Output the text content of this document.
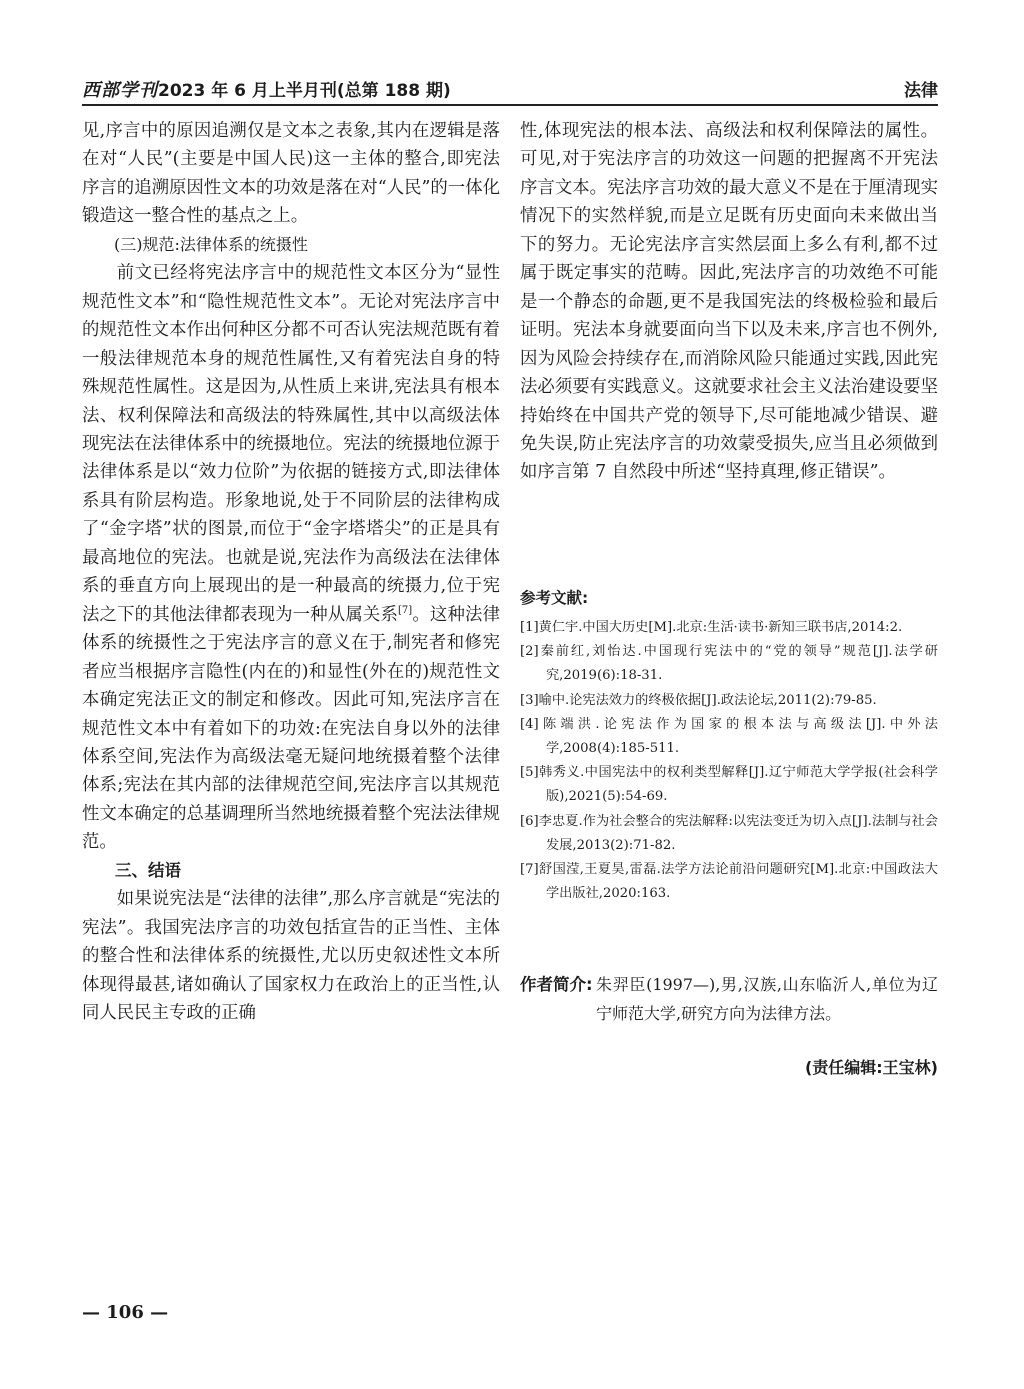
西部学刊 2023 年 6 月上半月刊(总第 188 期)	法律

见,序言中的原因追溯仅是文本之表象,其内在逻辑是落在对“人民”(主要是中国人民)这一主体的整合,即宪法序言的追溯原因性文本的功效是落在对“人民”的一体化锻造这一整合性的基点之上。

(三)规范:法律体系的统摄性

前文已经将宪法序言中的规范性文本区分为“显性规范性文本”和“隐性规范性文本”。无论对宪法序言中的规范性文本作出何种区分都不可否认宪法规范既有着一般法律规范本身的规范性属性,又有着宪法自身的特殊规范性属性。这是因为,从性质上来讲,宪法具有根本法、权利保障法和高级法的特殊属性,其中以高级法体现宪法在法律体系中的统摄地位。宪法的统摄地位源于法律体系是以“效力位阶”为依据的链接方式,即法律体系具有阶层构造。形象地说,处于不同阶层的法律构成了“金字塔”状的图景,而位于“金字塔塔尖”的正是具有最高地位的宪法。也就是说,宪法作为高级法在法律体系的垂直方向上展现出的是一种最高的统摄力,位于宪法之下的其他法律都表现为一种从属关系[7]。这种法律体系的统摄性之于宪法序言的意义在于,制宪者和修宪者应当根据序言隐性(内在的)和显性(外在的)规范性文本确定宪法正文的制定和修改。因此可知,宪法序言在规范性文本中有着如下的功效:在宪法自身以外的法律体系空间,宪法作为高级法毫无疑问地统摄着整个法律体系;宪法在其内部的法律规范空间,宪法序言以其规范性文本确定的总基调理所当然地统摄着整个宪法法律规范。

三、结语

如果说宪法是“法律的法律”,那么序言就是“宪法的宪法”。我国宪法序言的功效包括宣告的正当性、主体的整合性和法律体系的统摄性,尤以历史叙述性文本所体现得最甚,诸如确认了国家权力在政治上的正当性,认同人民民主专政的正确

性,体现宪法的根本法、高级法和权利保障法的属性。可见,对于宪法序言的功效这一问题的把握离不开宪法序言文本。宪法序言功效的最大意义不是在于厘清现实情况下的实然样貌,而是立足既有历史面向未来做出当下的努力。无论宪法序言实然层面上多么有利,都不过属于既定事实的范畴。因此,宪法序言的功效绝不可能是一个静态的命题,更不是我国宪法的终极检验和最后证明。宪法本身就要面向当下以及未来,序言也不例外,因为风险会持续存在,而消除风险只能通过实践,因此宪法必须要有实践意义。这就要求社会主义法治建设要坚持始终在中国共产党的领导下,尽可能地减少错误、避免失误,防止宪法序言的功效蒙受损失,应当且必须做到如序言第 7 自然段中所述“坚持真理,修正错误”。

参考文献:

[1]黄仁宇.中国大历史[M].北京:生活·读书·新知三联书店,2014:2.

[2]秦前红,刘怡达.中国现行宪法中的“党的领导”规范[J].法学研究,2019(6):18-31.

[3]喻中.论宪法效力的终极依据[J].政法论坛,2011(2):79-85.

[4]陈端洪.论宪法作为国家的根本法与高级法[J].中外法学,2008(4):185-511.

[5]韩秀义.中国宪法中的权利类型解释[J].辽宁师范大学学报(社会科学版),2021(5):54-69.

[6]李忠夏.作为社会整合的宪法解释:以宪法变迁为切入点[J].法制与社会发展,2013(2):71-82.

[7]舒国滢,王夏昊,雷磊.法学方法论前沿问题研究[M].北京:中国政法大学出版社,2020:163.

作者简介: 朱羿臣(1997—),男,汉族,山东临沂人,单位为辽宁师范大学,研究方向为法律方法。
(责任编辑:王宝林)
— 106 —
